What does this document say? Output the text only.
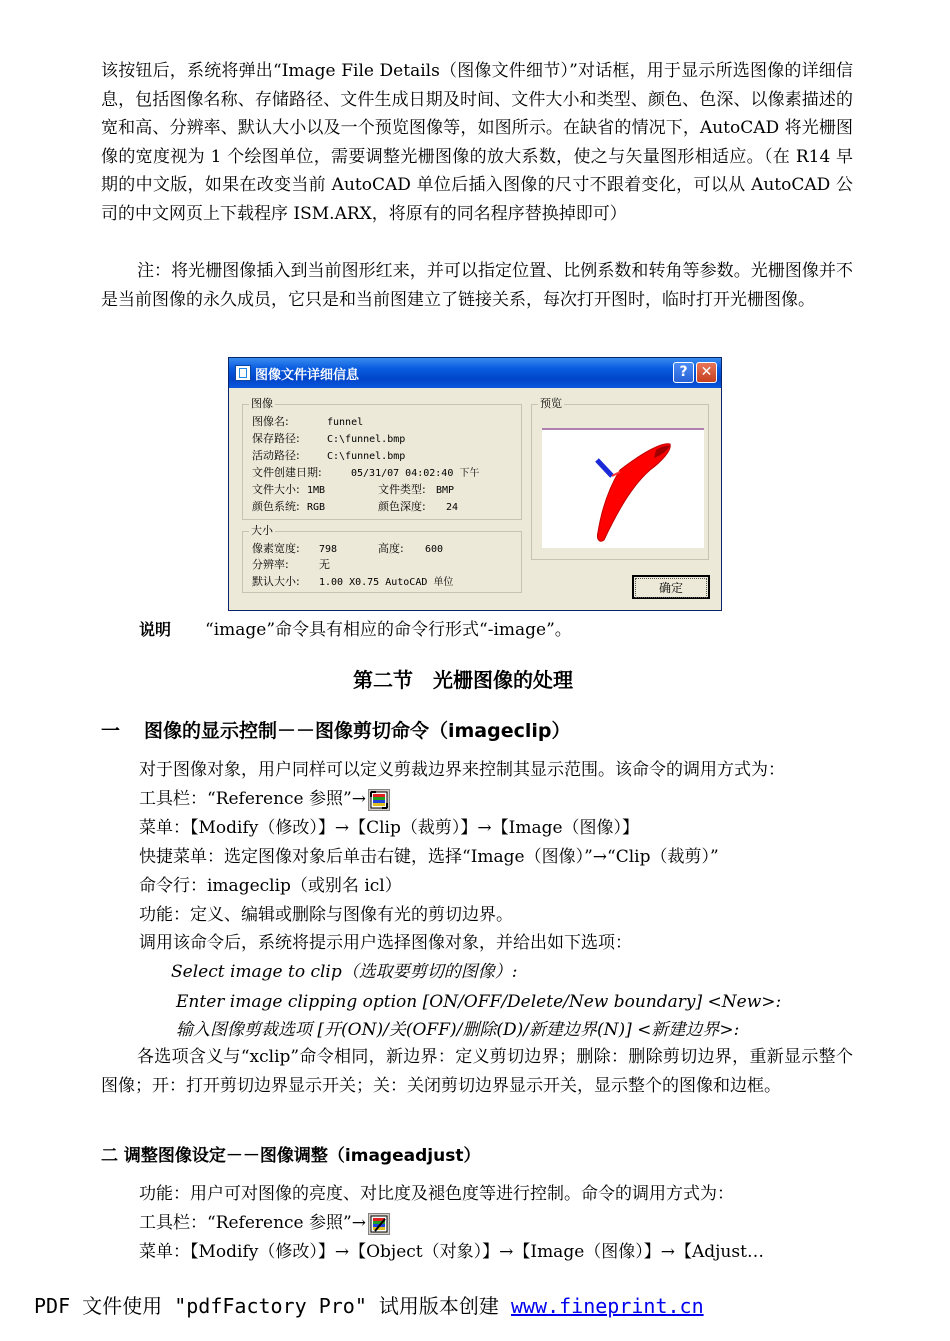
该按钮后，系统将弹出“Image File Details（图像文件细节）”对话框，用于显示所选图像的详细信息，包括图像名称、存储路径、文件生成日期及时间、文件大小和类型、颜色、色深、以像素描述的宽和高、分辨率、默认大小以及一个预览图像等，如图所示。在缺省的情况下，AutoCAD 将光栅图像的宽度视为 1 个绘图单位，需要调整光栅图像的放大系数，使之与矢量图形相适应。（在 R14 早期的中文版，如果在改变当前 AutoCAD 单位后插入图像的尺寸不跟着变化，可以从 AutoCAD 公司的中文网页上下载程序 ISM.ARX，将原有的同名程序替换掉即可）

注：将光栅图像插入到当前图形红来，并可以指定位置、比例系数和转角等参数。光栅图像并不是当前图像的永久成员，它只是和当前图建立了链接关系，每次打开图时，临时打开光栅图像。

图像文件详细信息	? ✕
图像
图像名:	funnel
保存路径:	C:\funnel.bmp
活动路径:	C:\funnel.bmp
文件创建日期:	05/31/07 04:02:40 下午
文件大小: 1MB	文件类型: BMP
颜色系统: RGB	颜色深度: 24
大小
像素宽度: 798	高度: 600
分辨率:	无
默认大小: 1.00 X0.75 AutoCAD 单位
预览
确定
说明 “image”命令具有相应的命令行形式“-image”。
第二节　光栅图像的处理
一 图像的显示控制－－图像剪切命令（imageclip）
对于图像对象，用户同样可以定义剪裁边界来控制其显示范围。该命令的调用方式为：
工具栏：“Reference 参照”→
菜单：【Modify（修改）】→【Clip（裁剪）】→【Image（图像）】
快捷菜单：选定图像对象后单击右键，选择“Image（图像）”→“Clip（裁剪）”
命令行：imageclip（或别名 icl）
功能：定义、编辑或删除与图像有光的剪切边界。
调用该命令后，系统将提示用户选择图像对象，并给出如下选项：
Select image to clip（选取要剪切的图像）:
Enter image clipping option [ON/OFF/Delete/New boundary] <New>:
输入图像剪裁选项 [开(ON)/关(OFF)/删除(D)/新建边界(N)] <新建边界>:

各选项含义与“xclip”命令相同，新边界：定义剪切边界；删除：删除剪切边界，重新显示整个图像；开：打开剪切边界显示开关；关：关闭剪切边界显示开关，显示整个的图像和边框。

二 调整图像设定－－图像调整（imageadjust）
功能：用户可对图像的亮度、对比度及褪色度等进行控制。命令的调用方式为：
工具栏：“Reference 参照”→
菜单：【Modify（修改）】→【Object（对象）】→【Image（图像）】→【Adjust…
PDF 文件使用 "pdfFactory Pro" 试用版本创建 www.fineprint.cn
